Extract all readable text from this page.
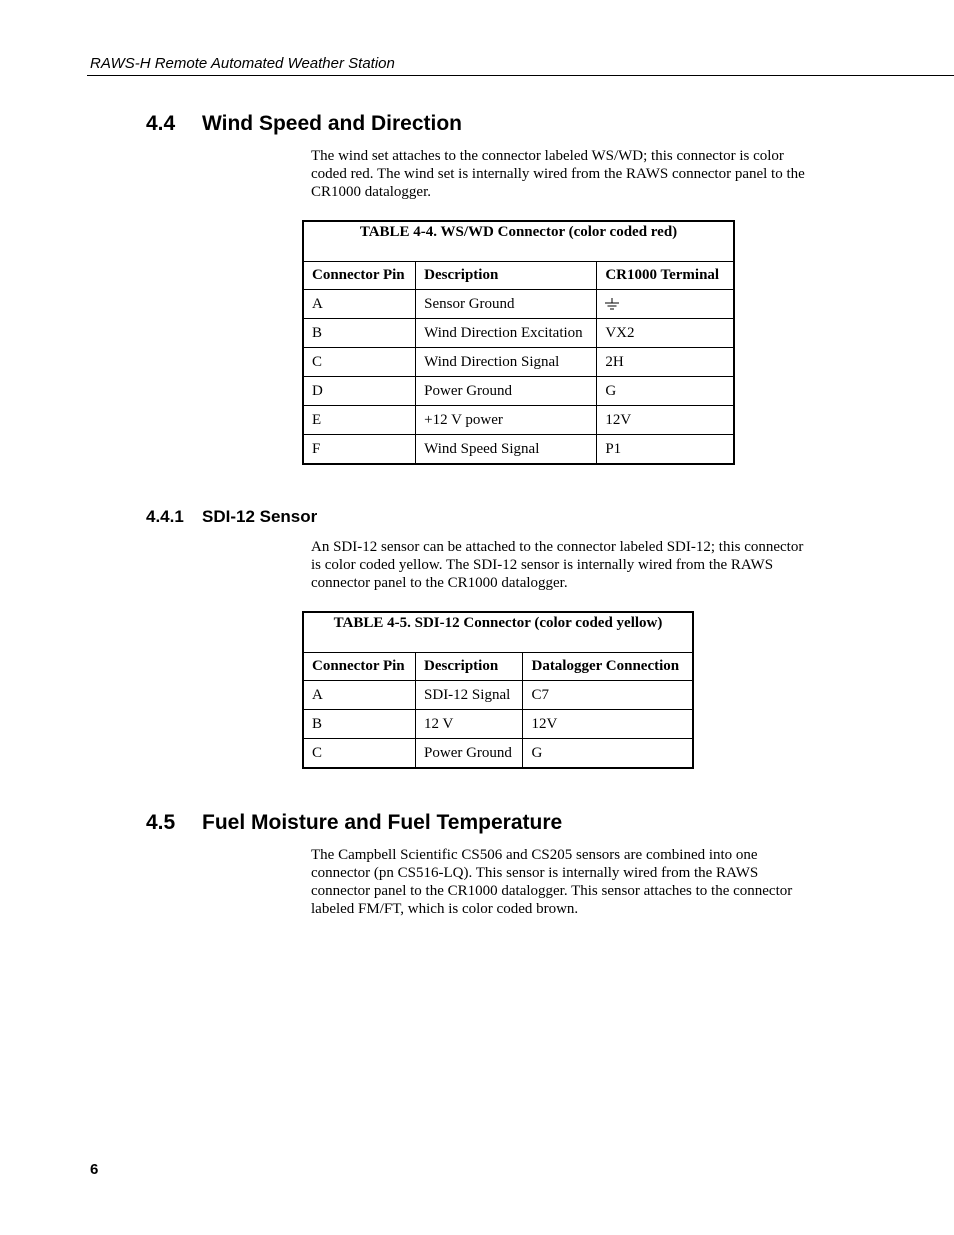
RAWS-H Remote Automated Weather Station
4.4 Wind Speed and Direction

The wind set attaches to the connector labeled WS/WD; this connector is color coded red. The wind set is internally wired from the RAWS connector panel to the CR1000 datalogger.

TABLE 4-4. WS/WD Connector (color coded red)		
Connector Pin	Description	CR1000 Terminal
A	Sensor Ground	
B	Wind Direction Excitation	VX2
C	Wind Direction Signal	2H
D	Power Ground	G
E	+12 V power	12V
F	Wind Speed Signal	P1
4.4.1 SDI-12 Sensor

An SDI-12 sensor can be attached to the connector labeled SDI-12; this connector is color coded yellow. The SDI-12 sensor is internally wired from the RAWS connector panel to the CR1000 datalogger.

TABLE 4-5. SDI-12 Connector (color coded yellow)		
Connector Pin	Description	Datalogger Connection
A	SDI-12 Signal	C7
B	12 V	12V
C	Power Ground	G
4.5 Fuel Moisture and Fuel Temperature

The Campbell Scientific CS506 and CS205 sensors are combined into one connector (pn CS516-LQ). This sensor is internally wired from the RAWS connector panel to the CR1000 datalogger. This sensor attaches to the connector labeled FM/FT, which is color coded brown.

6
